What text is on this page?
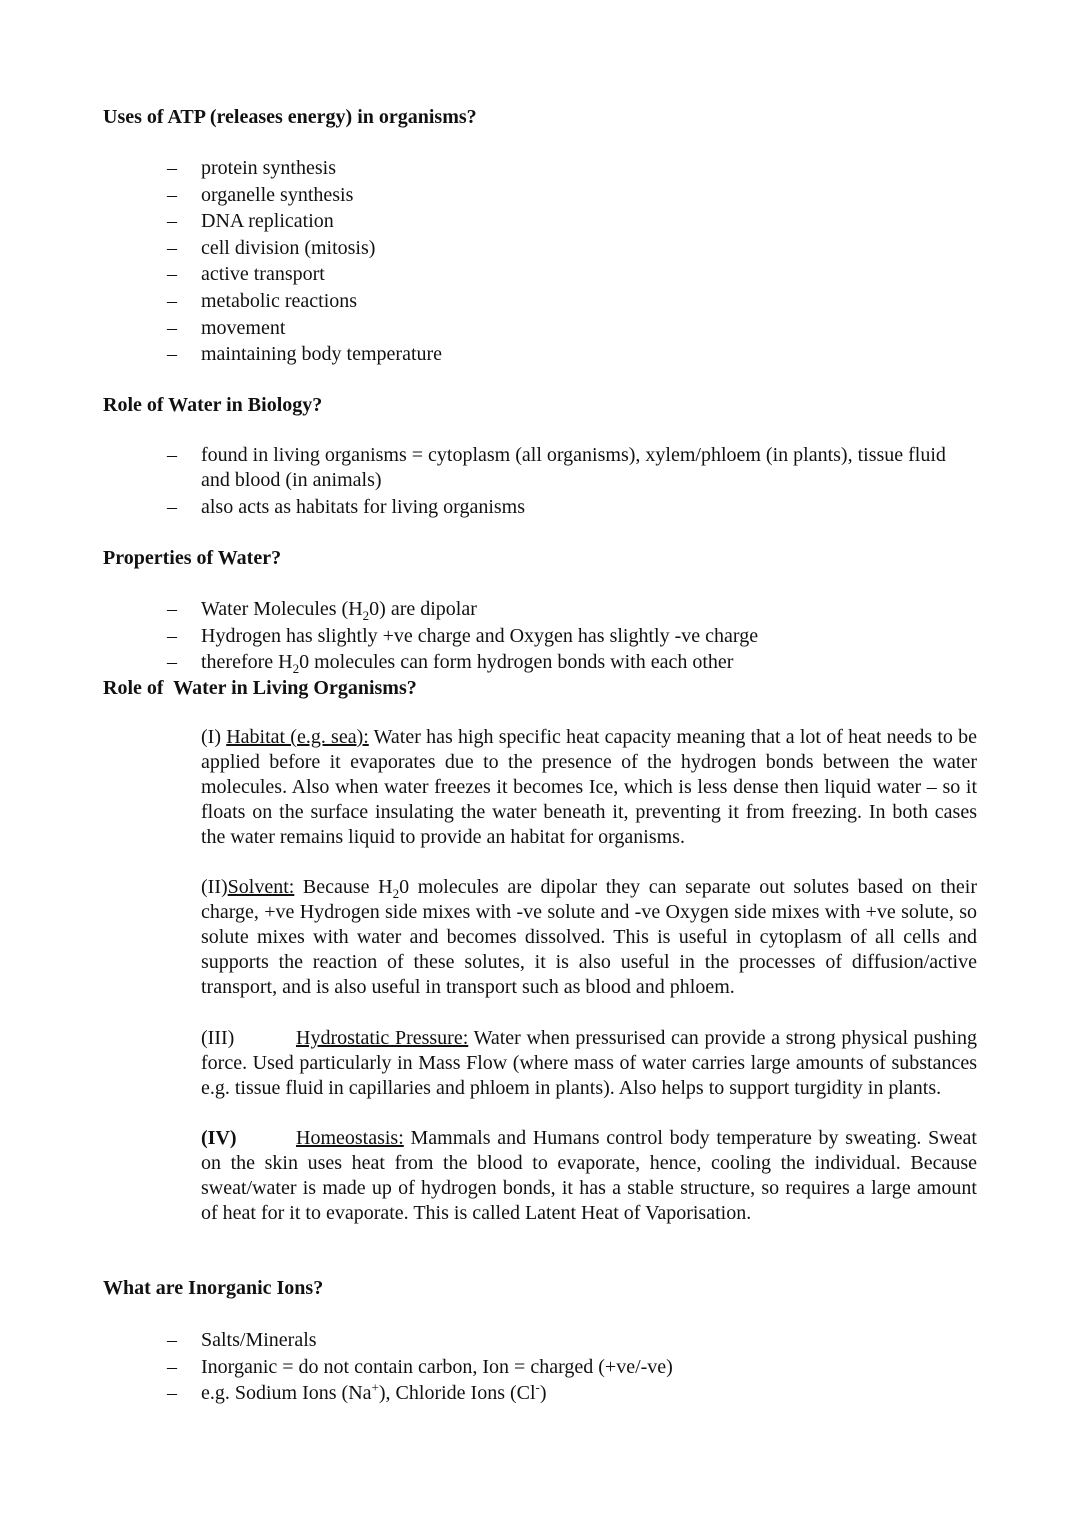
Uses of ATP (releases energy) in organisms?
– protein synthesis
– organelle synthesis
– DNA replication
– cell division (mitosis)
– active transport
– metabolic reactions
– movement
– maintaining body temperature
Role of Water in Biology?
– found in living organisms = cytoplasm (all organisms), xylem/phloem (in plants), tissue fluid and blood (in animals)
– also acts as habitats for living organisms
Properties of Water?
– Water Molecules $(H_20)$ are dipolar
– Hydrogen has slightly +ve charge and Oxygen has slightly -ve charge
– therefore $H_20$ molecules can form hydrogen bonds with each other
Role of  Water in Living Organisms?

(I) Habitat (e.g. sea): Water has high specific heat capacity meaning that a lot of heat needs to be applied before it evaporates due to the presence of the hydrogen bonds between the water molecules. Also when water freezes it becomes Ice, which is less dense then liquid water – so it floats on the surface insulating the water beneath it, preventing it from freezing. In both cases the water remains liquid to provide an habitat for organisms.

(II)Solvent: Because $H_20$ molecules are dipolar they can separate out solutes based on their charge, +ve Hydrogen side mixes with -ve solute and -ve Oxygen side mixes with +ve solute, so solute mixes with water and becomes dissolved. This is useful in cytoplasm of all cells and supports the reaction of these solutes, it is also useful in the processes of diffusion/active transport, and is also useful in transport such as blood and phloem.

(III)	Hydrostatic Pressure: Water when pressurised can provide a strong physical pushing force. Used particularly in Mass Flow (where mass of water carries large amounts of substances e.g. tissue fluid in capillaries and phloem in plants). Also helps to support turgidity in plants.

(IV)	Homeostasis: Mammals and Humans control body temperature by sweating. Sweat on the skin uses heat from the blood to evaporate, hence, cooling the individual. Because sweat/water is made up of hydrogen bonds, it has a stable structure, so requires a large amount of heat for it to evaporate. This is called Latent Heat of Vaporisation.

What are Inorganic Ions?
– Salts/Minerals
– Inorganic = do not contain carbon, Ion = charged (+ve/-ve)
– e.g. Sodium Ions (Na+), Chloride Ions (Cl-)
